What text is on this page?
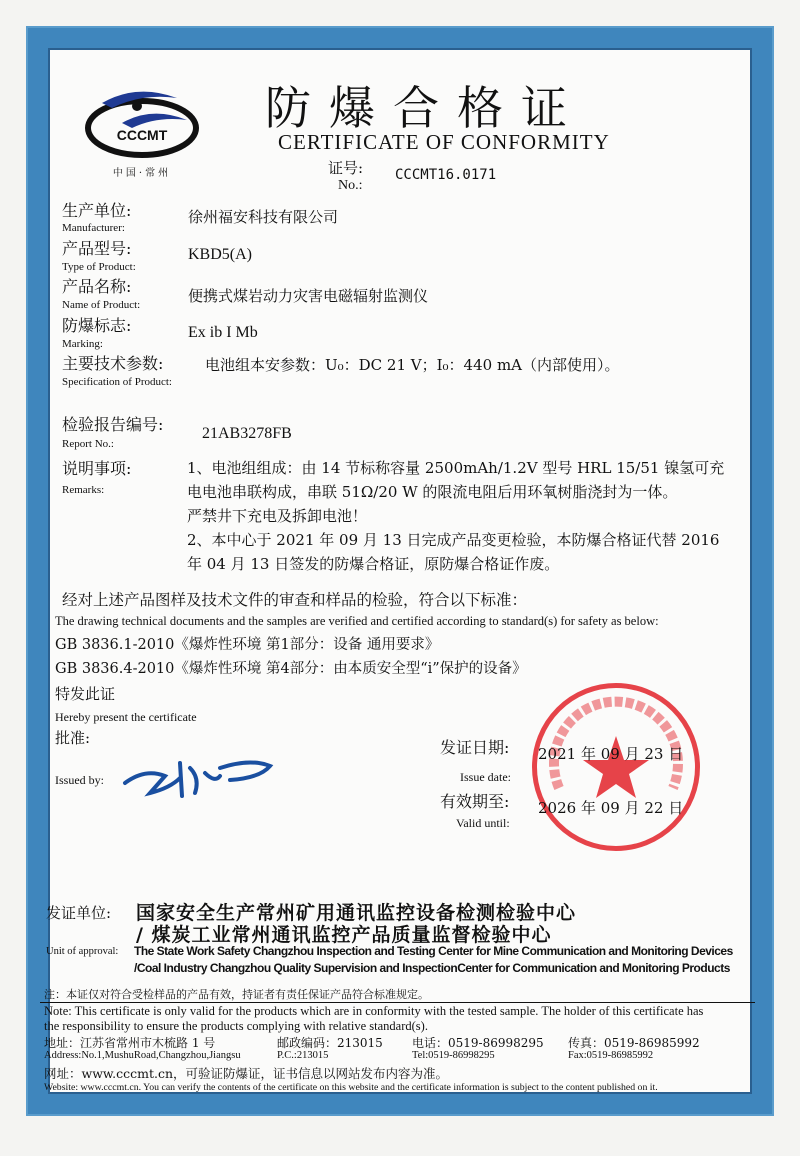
CCCMT
中国·常州
防爆合格证
CERTIFICATE OF CONFORMITY
证号:
No.:
CCCMT16.0171
生产单位:
Manufacturer:
徐州福安科技有限公司
产品型号:
Type of Product:
KBD5(A)
产品名称:
Name of Product:	便携式煤岩动力灾害电磁辐射监测仪
防爆标志:
Marking:
Ex ib I Mb
主要技术参数:
Specification of Product:
电池组本安参数：U₀：DC 21 V；I₀：440 mA（内部使用）。
检验报告编号:
Report No.:
21AB3278FB
说明事项:
Remarks:
1、电池组组成：由 14 节标称容量 2500mAh/1.2V 型号 HRL 15/51 镍氢可充
电电池串联构成，串联 51Ω/20 W 的限流电阻后用环氧树脂浇封为一体。
严禁井下充电及拆卸电池！
2、本中心于 2021 年 09 月 13 日完成产品变更检验，本防爆合格证代替 2016
年 04 月 13 日签发的防爆合格证，原防爆合格证作废。
经对上述产品图样及技术文件的审查和样品的检验，符合以下标准：
The drawing technical documents and the samples are verified and certified according to standard(s) for safety as below:
GB 3836.1-2010《爆炸性环境 第1部分：设备 通用要求》
GB 3836.4-2010《爆炸性环境 第4部分：由本质安全型“i”保护的设备》
特发此证
Hereby present the certificate
批准:
Issued by:
发证日期:
Issue date:
2021 年 09 月 23 日
有效期至:
Valid until:
2026 年 09 月 22 日
发证单位: 国家安全生产常州矿用通讯监控设备检测检验中心
/ 煤炭工业常州通讯监控产品质量监督检验中心
Unit of approval: The State Work Safety Changzhou Inspection and Testing Center for Mine Communication and Monitoring Devices
/Coal Industry Changzhou Quality Supervision and InspectionCenter for Communication and Monitoring Products
注：本证仅对符合受检样品的产品有效，持证者有责任保证产品符合标准规定。
Note: This certificate is only valid for the products which are in conformity with the tested sample. The holder of this certificate has
the responsibility to ensure the products complying with relative standard(s).
地址：江苏省常州市木梳路 1 号	邮政编码：213015 电话：0519-86998295 传真：0519-86985992
Address:No.1,MushuRoad,Changzhou,Jiangsu	P.C.:213015	Tel:0519-86998295	Fax:0519-86985992
网址：www.cccmt.cn，可验证防爆证，证书信息以网站发布内容为准。
Website: www.cccmt.cn. You can verify the contents of the certificate on this website and the certificate information is subject to the content published on it.
